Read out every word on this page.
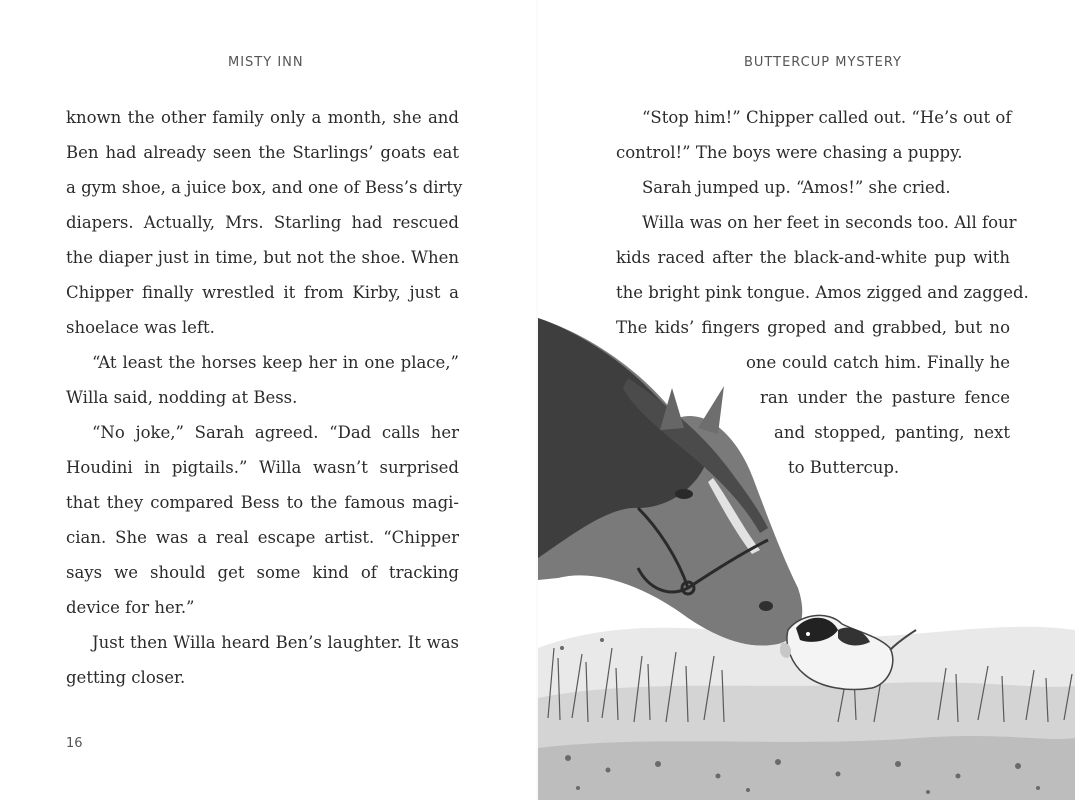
MISTY INN
known the other family only a month, she and
Ben had already seen the Starlings’ goats eat
a gym shoe, a juice box, and one of Bess’s dirty
diapers. Actually, Mrs. Starling had rescued
the diaper just in time, but not the shoe. When
Chipper finally wrestled it from Kirby, just a
shoelace was left.
“At least the horses keep her in one place,”
Willa said, nodding at Bess.
“No joke,” Sarah agreed. “Dad calls her
Houdini in pigtails.” Willa wasn’t surprised
that they compared Bess to the famous magi-
cian. She was a real escape artist. “Chipper
says we should get some kind of tracking
device for her.”
Just then Willa heard Ben’s laughter. It was
getting closer.
16
BUTTERCUP MYSTERY
“Stop him!” Chipper called out. “He’s out of
control!” The boys were chasing a puppy.
Sarah jumped up. “Amos!” she cried.
Willa was on her feet in seconds too. All four
kids raced after the black-and-white pup with
the bright pink tongue. Amos zigged and zagged.
The kids’ fingers groped and grabbed, but no
one could catch him. Finally he
ran under the pasture fence
and stopped, panting, next
to Buttercup.
